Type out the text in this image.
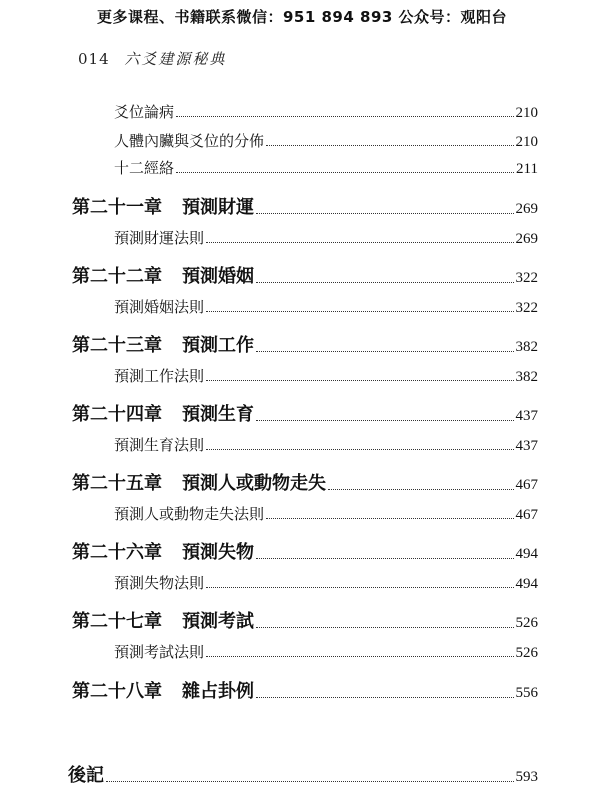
更多课程、书籍联系微信：951 894 893 公众号：观阳台
014 六爻建源秘典
爻位論病	210
人體內臟與爻位的分佈	210
十二經絡	211
第二十一章 預測財運	269
預測財運法則	269
第二十二章 預測婚姻	322
預測婚姻法則	322
第二十三章 預測工作	382
預測工作法則	382
第二十四章 預測生育	437
預測生育法則	437
第二十五章 預測人或動物走失	467
預測人或動物走失法則	467
第二十六章 預測失物	494
預測失物法則	494
第二十七章 預測考試	526
預測考試法則	526
第二十八章 雜占卦例	556
後記	593
